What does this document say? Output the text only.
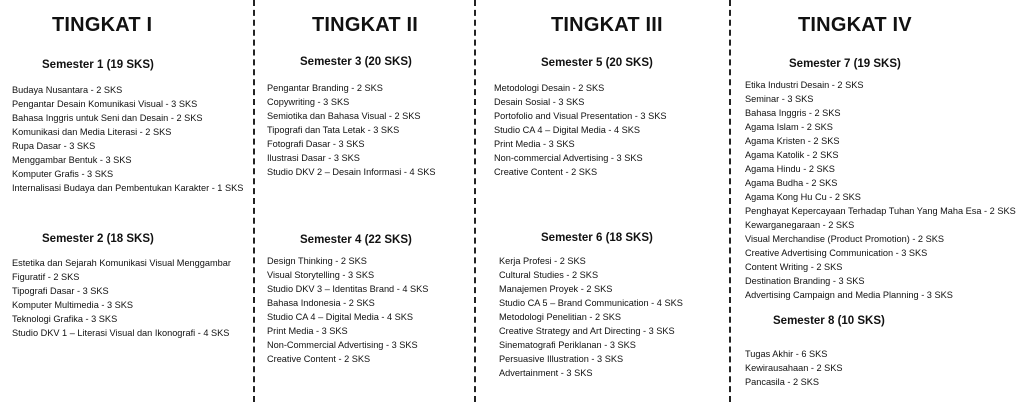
TINGKAT I
Semester 1 (19 SKS)
Budaya Nusantara - 2 SKS
Pengantar Desain Komunikasi Visual - 3 SKS
Bahasa Inggris untuk Seni dan Desain - 2 SKS
Komunikasi dan Media Literasi - 2 SKS
Rupa Dasar - 3 SKS
Menggambar Bentuk - 3 SKS
Komputer Grafis - 3 SKS
Internalisasi Budaya dan Pembentukan Karakter - 1 SKS
Semester 2 (18 SKS)
Estetika dan Sejarah Komunikasi Visual Menggambar
Figuratif - 2 SKS
Tipografi Dasar - 3 SKS
Komputer Multimedia - 3 SKS
Teknologi Grafika - 3 SKS
Studio DKV 1 – Literasi Visual dan Ikonografi - 4 SKS
TINGKAT II
Semester 3 (20 SKS)
Pengantar Branding - 2 SKS
Copywriting - 3 SKS
Semiotika dan Bahasa Visual - 2 SKS
Tipografi dan Tata Letak - 3 SKS
Fotografi Dasar - 3 SKS
Ilustrasi Dasar - 3 SKS
Studio DKV 2 – Desain Informasi - 4 SKS
Semester 4 (22 SKS)
Design Thinking - 2 SKS
Visual Storytelling - 3 SKS
Studio DKV 3 – Identitas Brand - 4 SKS
Bahasa Indonesia - 2 SKS
Studio CA 4 – Digital Media - 4 SKS
Print Media - 3 SKS
Non-Commercial Advertising - 3 SKS
Creative Content - 2 SKS
TINGKAT III
Semester 5 (20 SKS)
Metodologi Desain - 2 SKS
Desain Sosial - 3 SKS
Portofolio and Visual Presentation - 3 SKS
Studio CA 4 – Digital Media - 4 SKS
Print Media - 3 SKS
Non-commercial Advertising - 3 SKS
Creative Content - 2 SKS
Semester 6 (18 SKS)
Kerja Profesi - 2 SKS
Cultural Studies - 2 SKS
Manajemen Proyek - 2 SKS
Studio CA 5 – Brand Communication - 4 SKS
Metodologi Penelitian - 2 SKS
Creative Strategy and Art Directing - 3 SKS
Sinematografi Periklanan - 3 SKS
Persuasive Illustration - 3 SKS
Advertainment - 3 SKS
TINGKAT IV
Semester 7 (19 SKS)
Etika Industri Desain - 2 SKS
Seminar - 3 SKS
Bahasa Inggris - 2 SKS
Agama Islam - 2 SKS
Agama Kristen - 2 SKS
Agama Katolik - 2 SKS
Agama Hindu - 2 SKS
Agama Budha - 2 SKS
Agama Kong Hu Cu - 2 SKS
Penghayat Kepercayaan Terhadap Tuhan Yang Maha Esa - 2 SKS
Kewarganegaraan - 2 SKS
Visual Merchandise (Product Promotion) - 2 SKS
Creative Advertising Communication - 3 SKS
Content Writing - 2 SKS
Destination Branding - 3 SKS
Advertising Campaign and Media Planning - 3 SKS
Semester 8 (10 SKS)
Tugas Akhir - 6 SKS
Kewirausahaan - 2 SKS
Pancasila - 2 SKS
